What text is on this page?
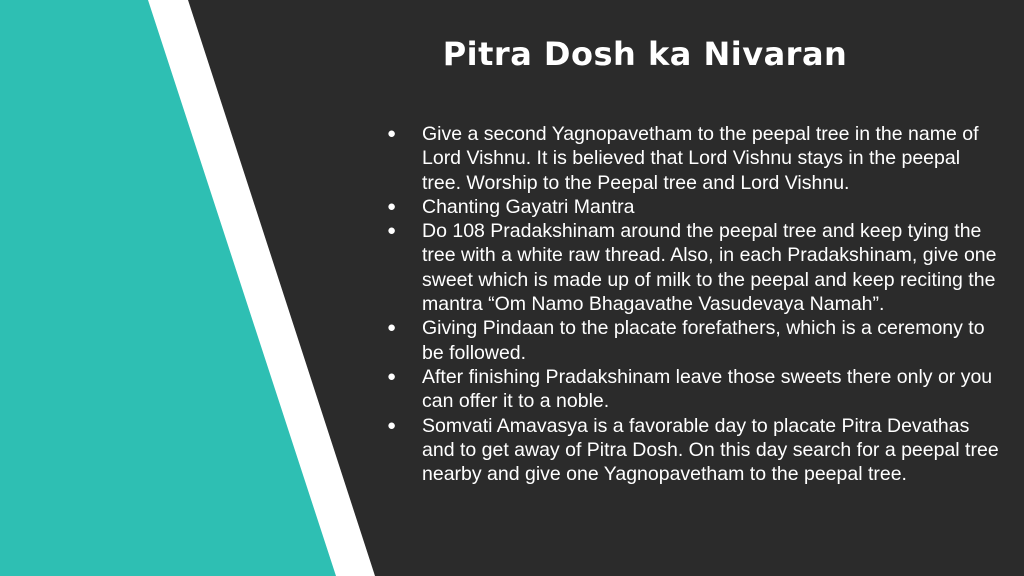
Pitra Dosh ka Nivaran
● Give a second Yagnopavetham to the peepal tree in the name of Lord Vishnu. It is believed that Lord Vishnu stays in the peepal tree. Worship to the Peepal tree and Lord Vishnu.
● Chanting Gayatri Mantra
● Do 108 Pradakshinam around the peepal tree and keep tying the tree with a white raw thread. Also, in each Pradakshinam, give one sweet which is made up of milk to the peepal and keep reciting the mantra “Om Namo Bhagavathe Vasudevaya Namah”.
● Giving Pindaan to the placate forefathers, which is a ceremony to be followed.
● After finishing Pradakshinam leave those sweets there only or you can offer it to a noble.
● Somvati Amavasya is a favorable day to placate Pitra Devathas and to get away of Pitra Dosh. On this day search for a peepal tree nearby and give one Yagnopavetham to the peepal tree.
